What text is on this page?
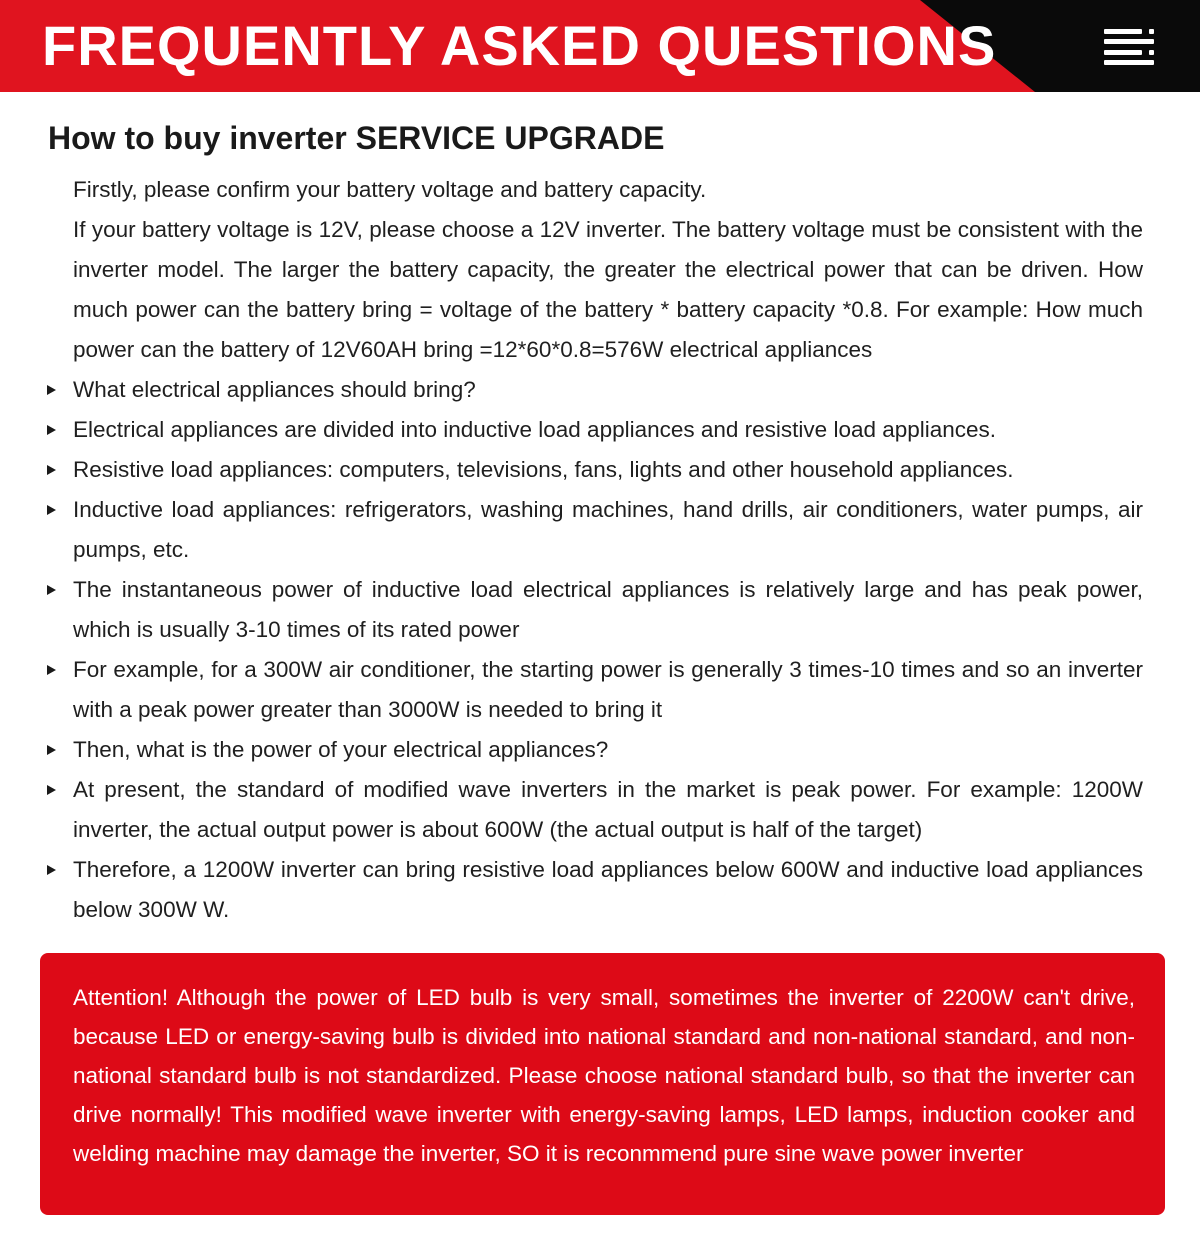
FREQUENTLY ASKED QUESTIONS
How to buy inverter SERVICE UPGRADE

Firstly, please confirm your battery voltage and battery capacity.

If your battery voltage is 12V, please choose a 12V inverter. The battery voltage must be consistent with the inverter model. The larger the battery capacity, the greater the electrical power that can be driven. How much power can the battery bring = voltage of the battery * battery capacity *0.8. For example: How much power can the battery of 12V60AH bring =12*60*0.8=576W electrical appliances

What electrical appliances should bring?
Electrical appliances are divided into inductive load appliances and resistive load appliances.
Resistive load appliances: computers, televisions, fans, lights and other household appliances.
Inductive load appliances: refrigerators, washing machines, hand drills, air conditioners, water pumps, air pumps, etc.
The instantaneous power of inductive load electrical appliances is relatively large and has peak power, which is usually 3-10 times of its rated power
For example, for a 300W air conditioner, the starting power is generally 3 times-10 times and so an inverter with a peak power greater than 3000W is needed to bring it
Then, what is the power of your electrical appliances?
At present, the standard of modified wave inverters in the market is peak power. For example: 1200W inverter, the actual output power is about 600W (the actual output is half of the target)
Therefore, a 1200W inverter can bring resistive load appliances below 600W and inductive load appliances below 300W W.

Attention! Although the power of LED bulb is very small, sometimes the inverter of 2200W can't drive, because LED or energy-saving bulb is divided into national standard and non-national standard, and non-national standard bulb is not standardized. Please choose national standard bulb, so that the inverter can drive normally! This modified wave inverter with energy-saving lamps, LED lamps, induction cooker and welding machine may damage the inverter, SO it is reconmmend pure sine wave power inverter
